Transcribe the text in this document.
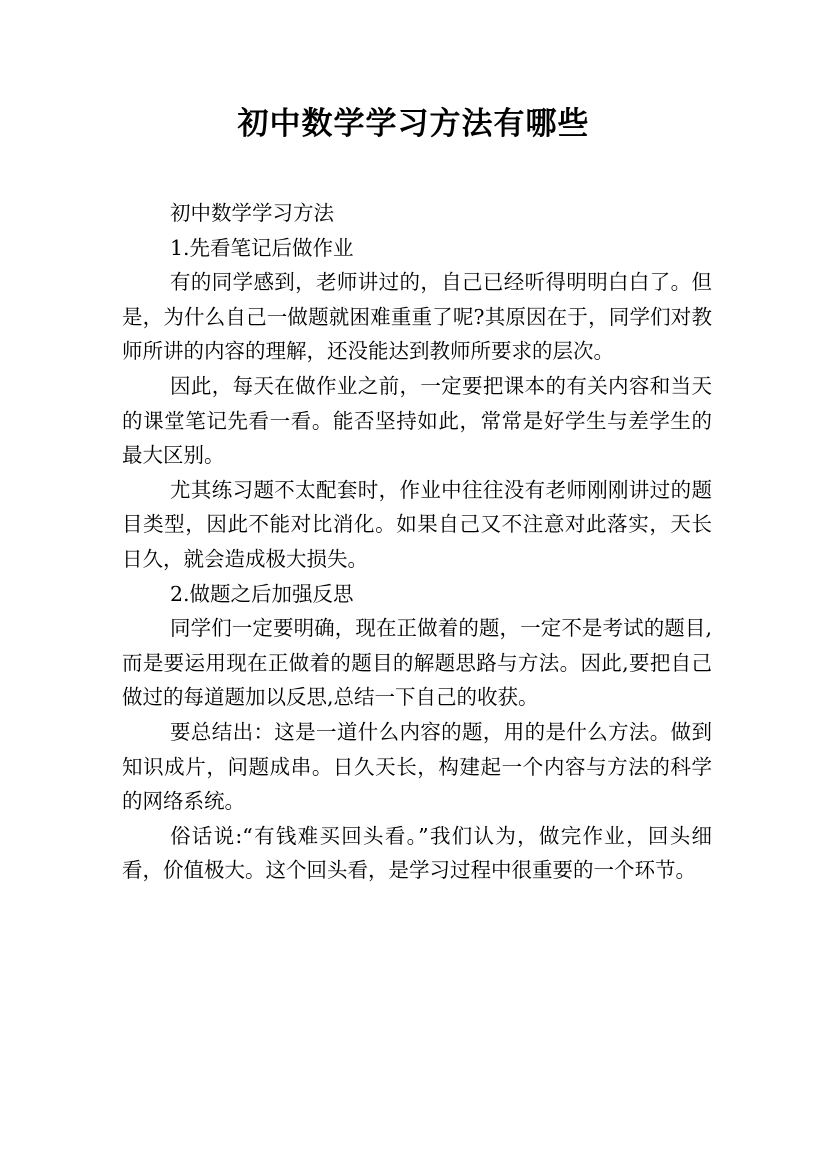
初中数学学习方法有哪些

初中数学学习方法

1.先看笔记后做作业

有的同学感到，老师讲过的，自己已经听得明明白白了。但是，为什么自己一做题就困难重重了呢?其原因在于，同学们对教师所讲的内容的理解，还没能达到教师所要求的层次。

因此，每天在做作业之前，一定要把课本的有关内容和当天的课堂笔记先看一看。能否坚持如此，常常是好学生与差学生的最大区别。

尤其练习题不太配套时，作业中往往没有老师刚刚讲过的题目类型，因此不能对比消化。如果自己又不注意对此落实，天长日久，就会造成极大损失。

2.做题之后加强反思

同学们一定要明确，现在正做着的题，一定不是考试的题目,而是要运用现在正做着的题目的解题思路与方法。因此,要把自己做过的每道题加以反思,总结一下自己的收获。

要总结出：这是一道什么内容的题，用的是什么方法。做到知识成片，问题成串。日久天长，构建起一个内容与方法的科学的网络系统。

俗话说:“有钱难买回头看。”我们认为，做完作业，回头细看，价值极大。这个回头看，是学习过程中很重要的一个环节。
